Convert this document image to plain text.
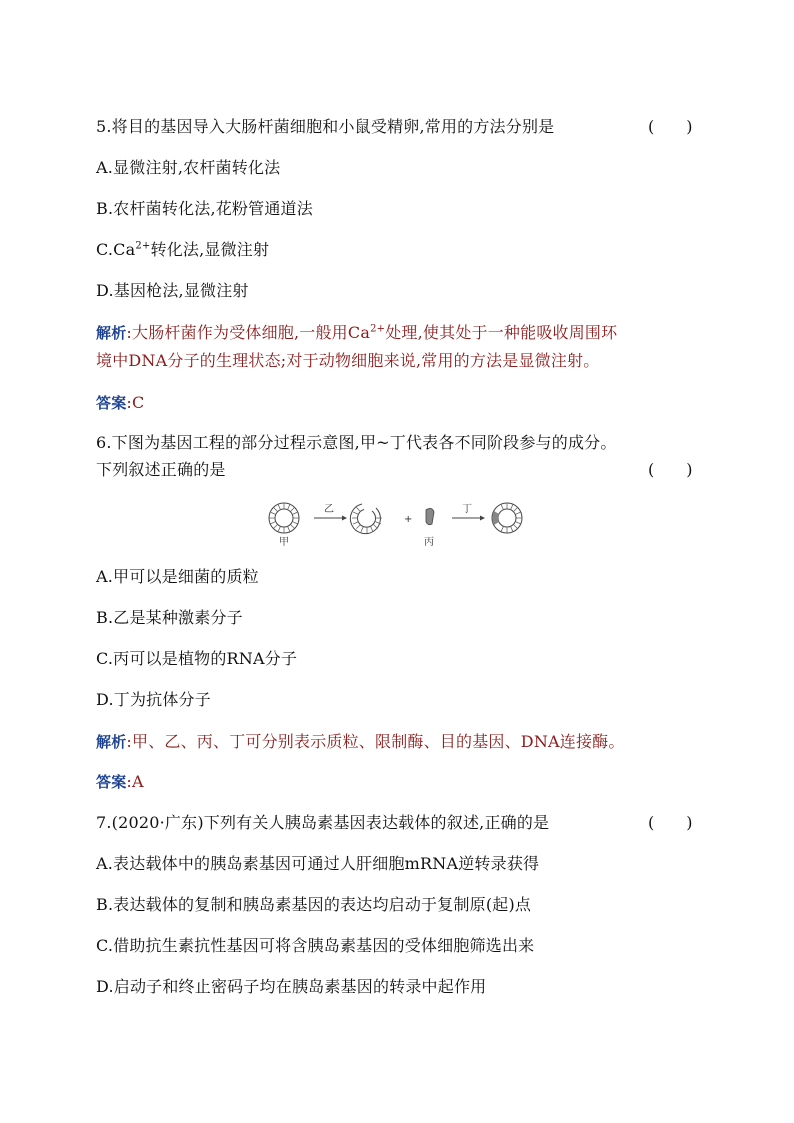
5.将目的基因导入大肠杆菌细胞和小鼠受精卵,常用的方法分别是	(　　)
A.显微注射,农杆菌转化法
B.农杆菌转化法,花粉管通道法
$C.Ca^{2+}$转化法,显微注射
D.基因枪法,显微注射
解析:大肠杆菌作为受体细胞,一般用$Ca^{2+}$处理,使其处于一种能吸收周围环
境中DNA分子的生理状态;对于动物细胞来说,常用的方法是显微注射。
答案:C
6.下图为基因工程的部分过程示意图,甲~丁代表各不同阶段参与的成分。
下列叙述正确的是	(　　)
甲
乙
+
丙
丁
A.甲可以是细菌的质粒
B.乙是某种激素分子
C.丙可以是植物的RNA分子
D.丁为抗体分子
解析:甲、乙、丙、丁可分别表示质粒、限制酶、目的基因、DNA连接酶。
答案:A
7.(2020·广东)下列有关人胰岛素基因表达载体的叙述,正确的是	(　　)
A.表达载体中的胰岛素基因可通过人肝细胞mRNA逆转录获得
B.表达载体的复制和胰岛素基因的表达均启动于复制原(起)点
C.借助抗生素抗性基因可将含胰岛素基因的受体细胞筛选出来
D.启动子和终止密码子均在胰岛素基因的转录中起作用
